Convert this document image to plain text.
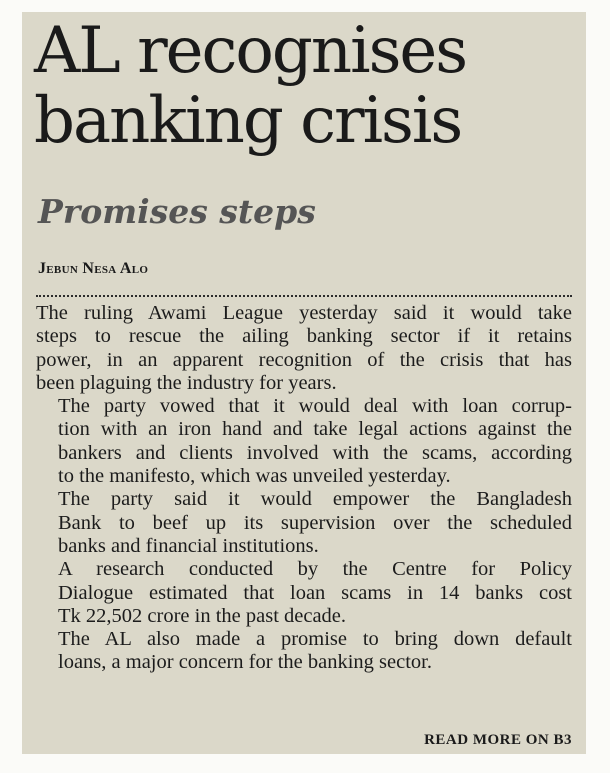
AL recognises
banking crisis
Promises steps
Jebun Nesa Alo

The ruling Awami League yesterday said it would take
steps to rescue the ailing banking sector if it retains
power, in an apparent recognition of the crisis that has
been plaguing the industry for years.

The party vowed that it would deal with loan corrup-
tion with an iron hand and take legal actions against the
bankers and clients involved with the scams, according
to the manifesto, which was unveiled yesterday.

The party said it would empower the Bangladesh
Bank to beef up its supervision over the scheduled
banks and financial institutions.

A research conducted by the Centre for Policy
Dialogue estimated that loan scams in 14 banks cost
Tk 22,502 crore in the past decade.

The AL also made a promise to bring down default
loans, a major concern for the banking sector.

READ MORE ON B3
